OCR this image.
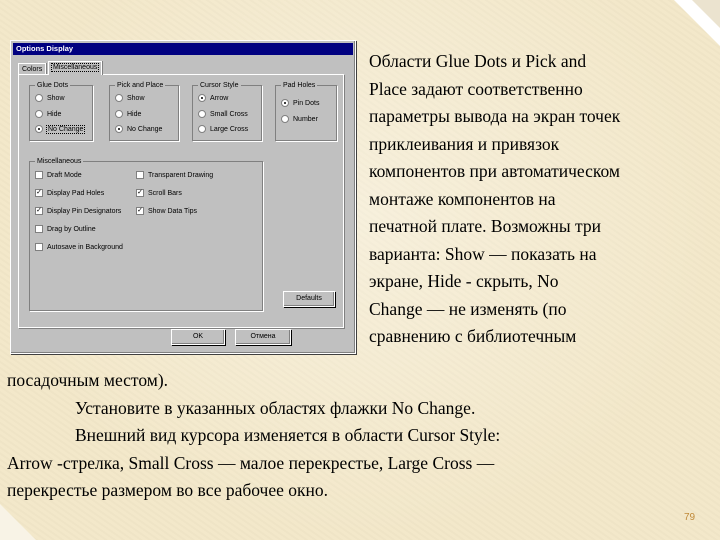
Options Display
Colors	Miscellaneous
Glue Dots
Show
Hide
No Change
Pick and Place
Show
Hide
No Change
Cursor Style
Arrow
Small Cross
Large Cross
Pad Holes
Pin Dots
Number
Miscellaneous
Draft Mode
✓ Display Pad Holes
✓ Display Pin Designators
Drag by Outline
Autosave in Background
Transparent Drawing
✓ Scroll Bars
✓ Show Data Tips
Defaults
OK	Отмена
Области Glue Dots и Pick and
Place задают соответственно
параметры вывода на экран точек
приклеивания и привязок
компонентов при автоматическом
монтаже компонентов на
печатной плате. Возможны три
варианта: Show — показать на
экране, Hide - скрыть, No
Change — не изменять (по
сравнению с библиотечным
посадочным местом).
Установите в указанных областях флажки No Change.
Внешний вид курсора изменяется в области Cursor Style:
Arrow -стрелка, Small Cross — малое перекрестье, Large Cross —
перекрестье размером во все рабочее окно.
79
